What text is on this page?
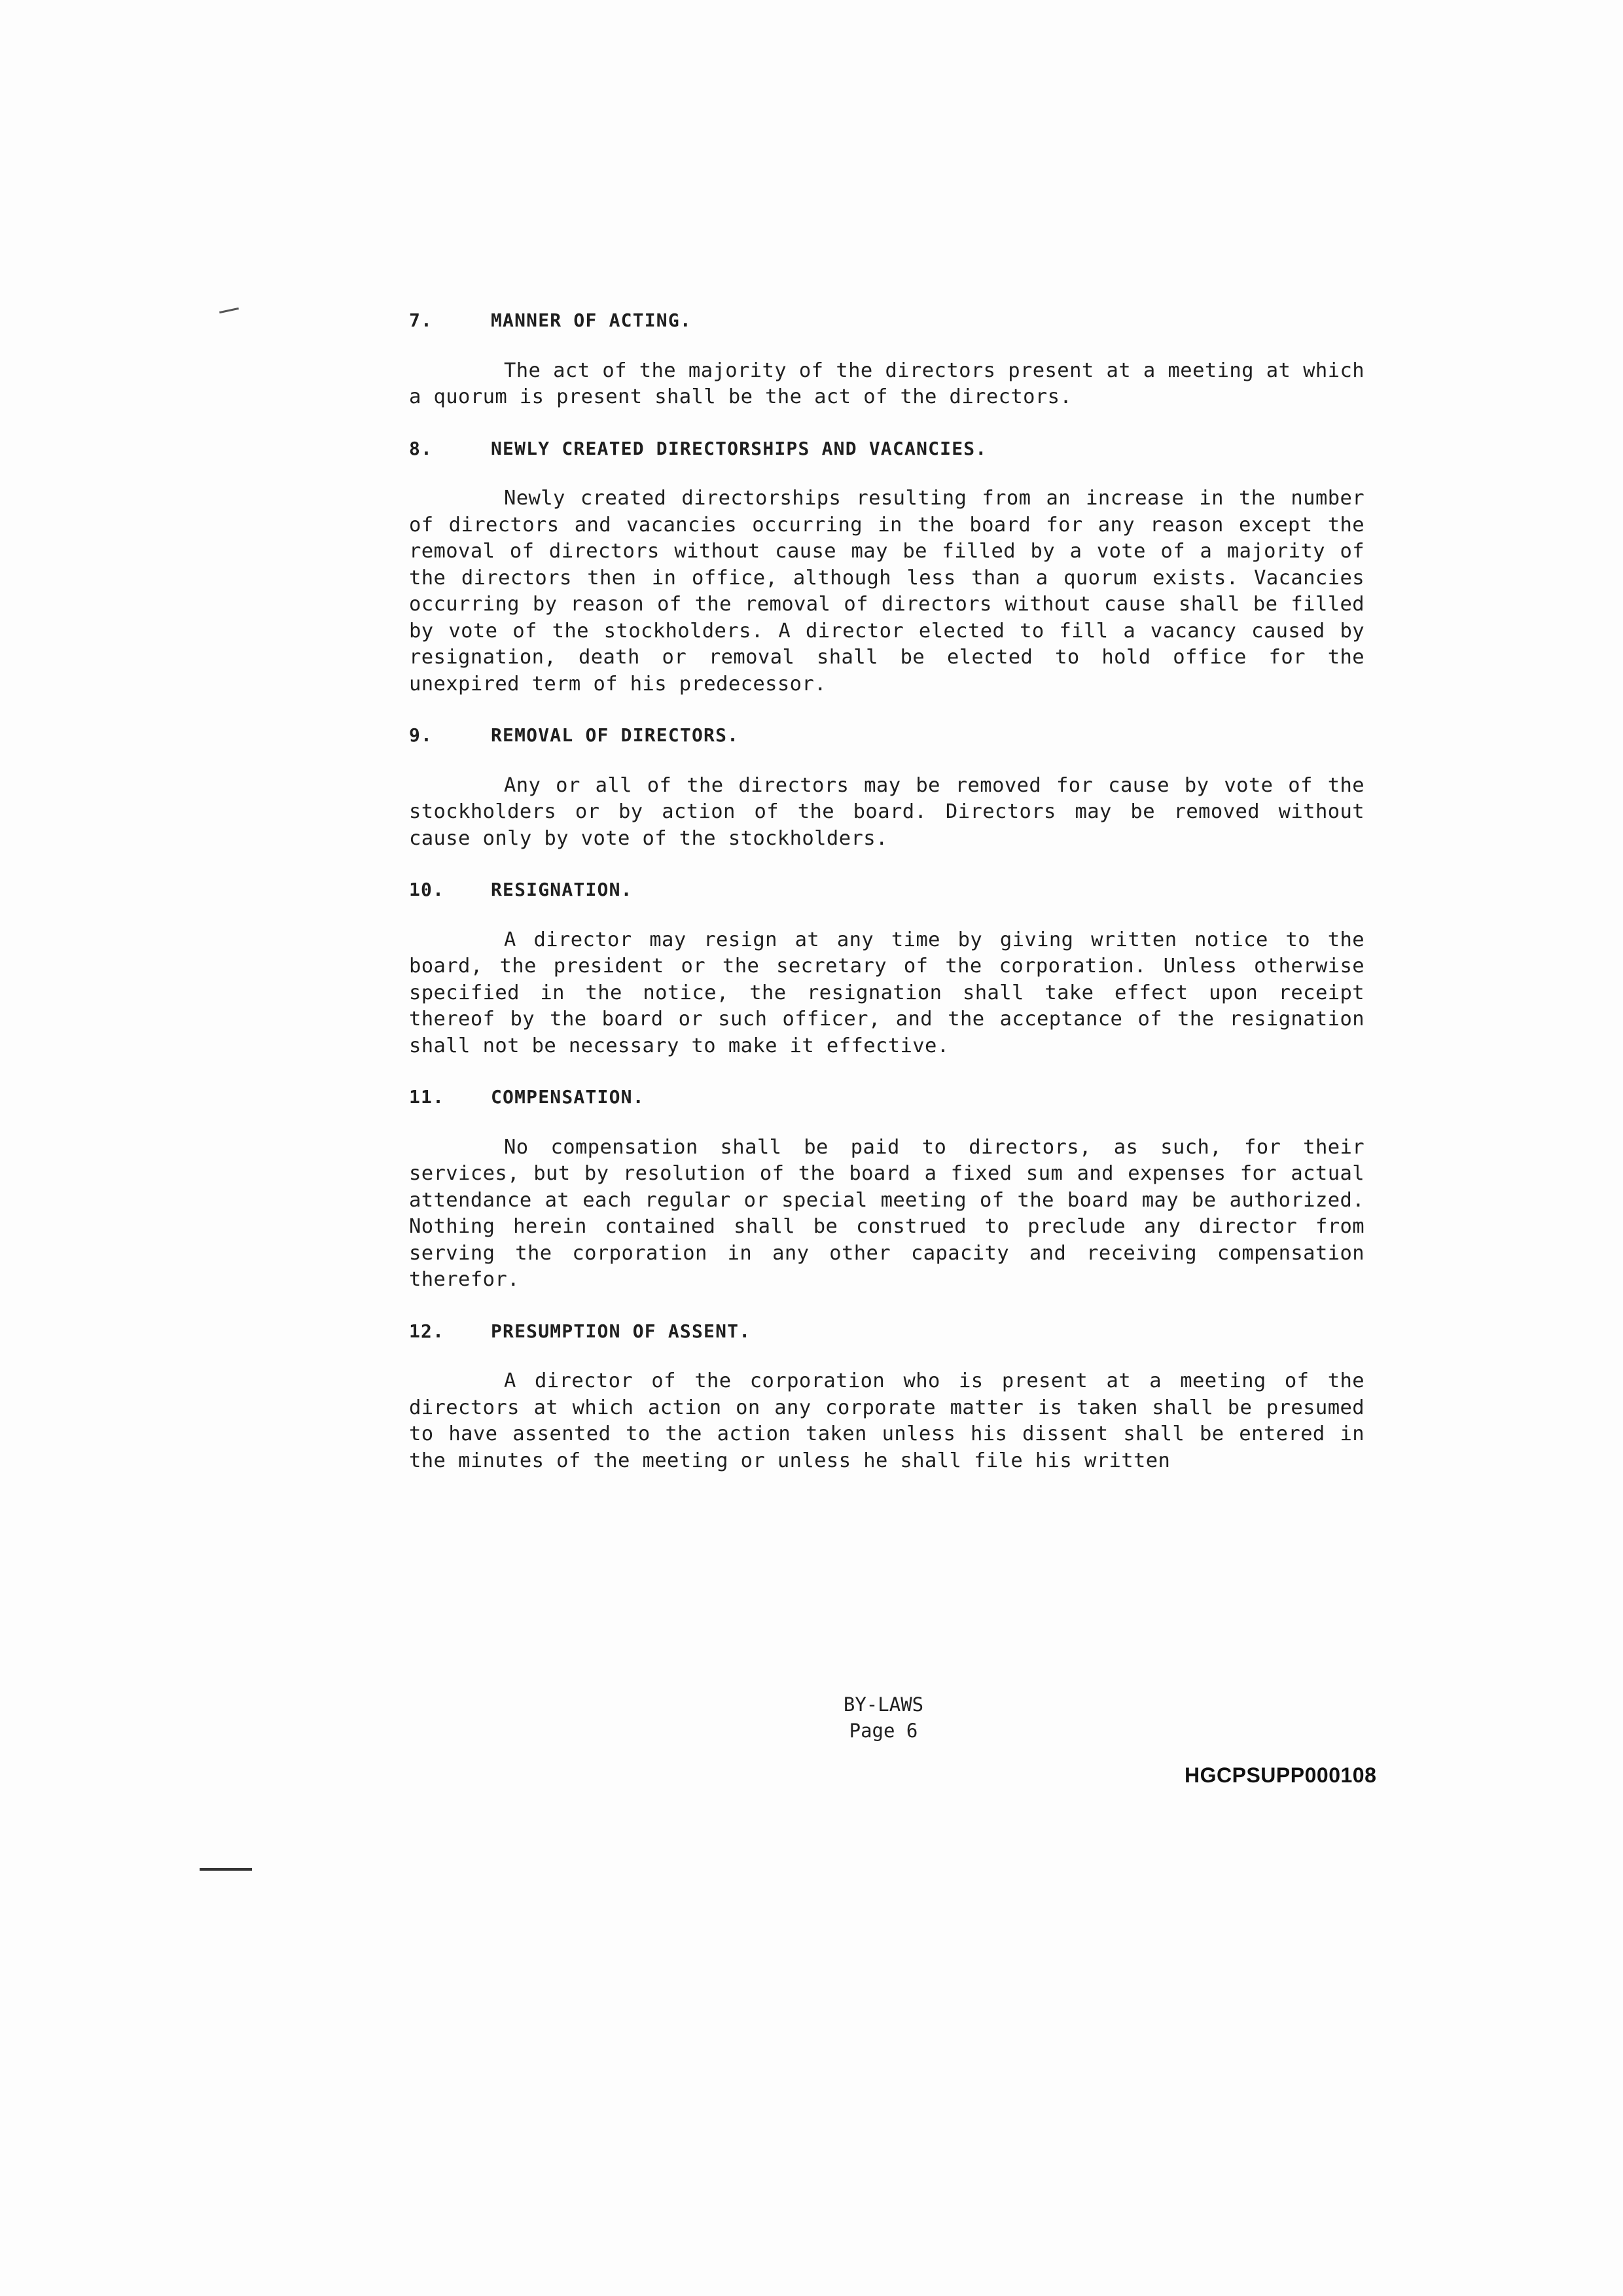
7.	MANNER OF ACTING.

The act of the majority of the directors present at a meeting at which a quorum is present shall be the act of the directors.

8.	NEWLY CREATED DIRECTORSHIPS AND VACANCIES.

Newly created directorships resulting from an increase in the number of directors and vacancies occurring in the board for any reason except the removal of directors without cause may be filled by a vote of a majority of the directors then in office, although less than a quorum exists. Vacancies occurring by reason of the removal of directors without cause shall be filled by vote of the stockholders. A director elected to fill a vacancy caused by resignation, death or removal shall be elected to hold office for the unexpired term of his predecessor.

9.	REMOVAL OF DIRECTORS.

Any or all of the directors may be removed for cause by vote of the stockholders or by action of the board. Directors may be removed without cause only by vote of the stockholders.

10.	RESIGNATION.

A director may resign at any time by giving written notice to the board, the president or the secretary of the corporation. Unless otherwise specified in the notice, the resignation shall take effect upon receipt thereof by the board or such officer, and the acceptance of the resignation shall not be necessary to make it effective.

11.	COMPENSATION.

No compensation shall be paid to directors, as such, for their services, but by resolution of the board a fixed sum and expenses for actual attendance at each regular or special meeting of the board may be authorized. Nothing herein contained shall be construed to preclude any director from serving the corporation in any other capacity and receiving compensation therefor.

12.	PRESUMPTION OF ASSENT.

A director of the corporation who is present at a meeting of the directors at which action on any corporate matter is taken shall be presumed to have assented to the action taken unless his dissent shall be entered in the minutes of the meeting or unless he shall file his written

BY-LAWS
Page 6
HGCPSUPP000108
